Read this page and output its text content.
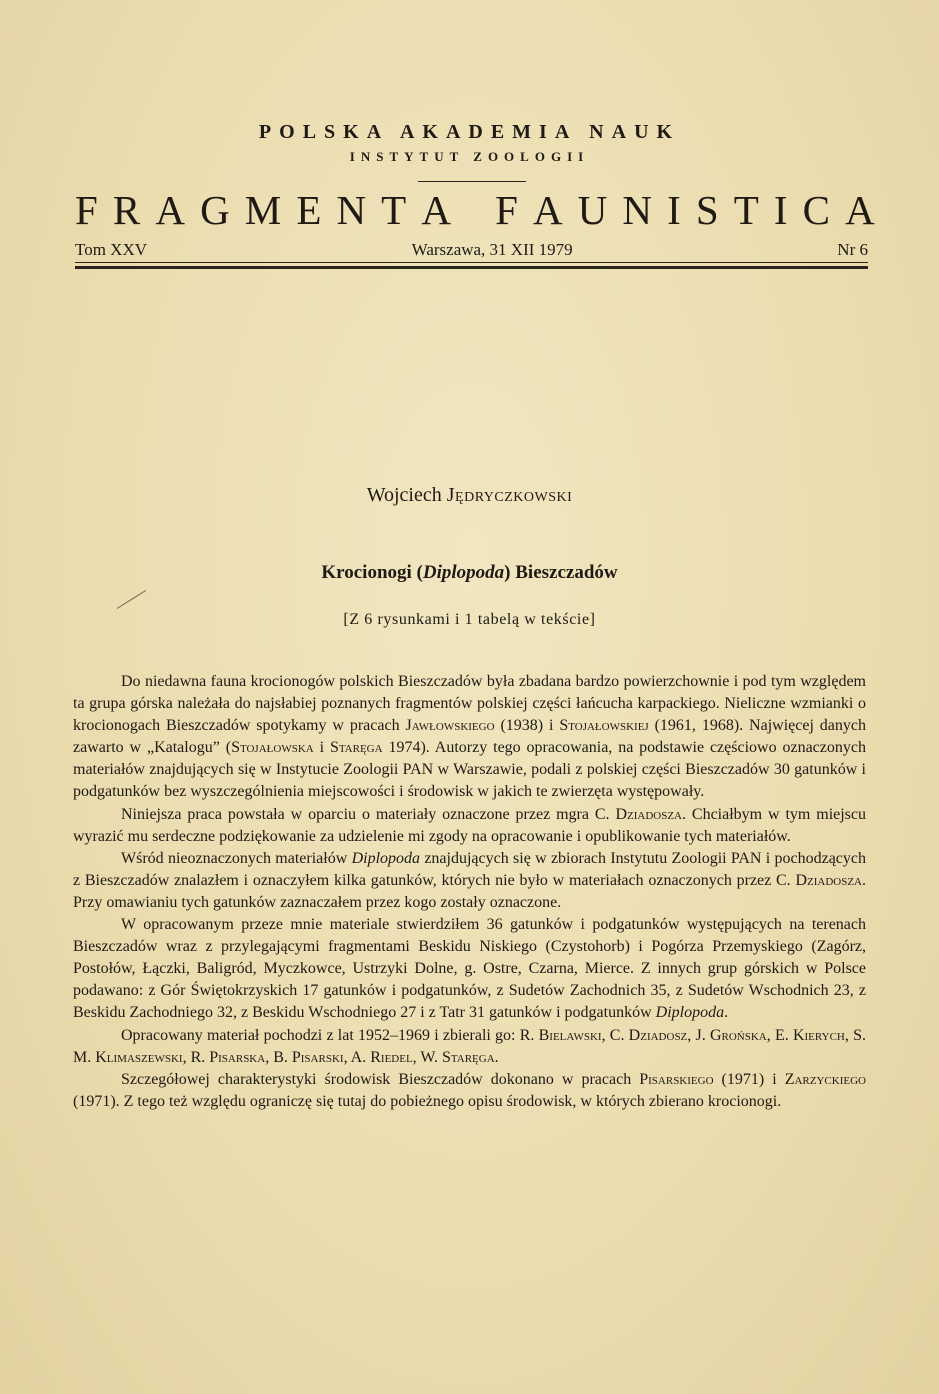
POLSKA AKADEMIA NAUK
INSTYTUT ZOOLOGII
F R A G M E N T A F A U N I S T I C A
Tom XXV	Warszawa, 31 XII 1979	Nr 6
Wojciech Jędryczkowski
Krocionogi (Diplopoda) Bieszczadów
[Z 6 rysunkami i 1 tabelą w tekście]

Do niedawna fauna krocionogów polskich Bieszczadów była zbadana bardzo powierzchownie i pod tym względem ta grupa górska należała do najsłabiej poznanych fragmentów polskiej części łańcucha karpackiego. Nieliczne wzmianki o krocionogach Bieszczadów spotykamy w pracach Jawłowskiego (1938) i Stojałowskiej (1961, 1968). Najwięcej danych zawarto w „Katalogu” (Stojałowska i Staręga 1974). Autorzy tego opracowania, na podstawie częściowo oznaczonych materiałów znajdujących się w Instytucie Zoologii PAN w Warszawie, podali z polskiej części Bieszczadów 30 gatunków i podgatunków bez wyszczególnienia miejscowości i środowisk w jakich te zwierzęta występowały.

Niniejsza praca powstała w oparciu o materiały oznaczone przez mgra C. Dziadosza. Chciałbym w tym miejscu wyrazić mu serdeczne podziękowanie za udzielenie mi zgody na opracowanie i opublikowanie tych materiałów.

Wśród nieoznaczonych materiałów Diplopoda znajdujących się w zbiorach Instytutu Zoologii PAN i pochodzących z Bieszczadów znalazłem i oznaczyłem kilka gatunków, których nie było w materiałach oznaczonych przez C. Dziadosza. Przy omawianiu tych gatunków zaznaczałem przez kogo zostały oznaczone.

W opracowanym przeze mnie materiale stwierdziłem 36 gatunków i podgatunków występujących na terenach Bieszczadów wraz z przylegającymi fragmentami Beskidu Niskiego (Czystohorb) i Pogórza Przemyskiego (Zagórz, Postołów, Łączki, Baligród, Myczkowce, Ustrzyki Dolne, g. Ostre, Czarna, Mierce. Z innych grup górskich w Polsce podawano: z Gór Świętokrzyskich 17 gatunków i podgatunków, z Sudetów Zachodnich 35, z Sudetów Wschodnich 23, z Beskidu Zachodniego 32, z Beskidu Wschodniego 27 i z Tatr 31 gatunków i podgatunków Diplopoda.

Opracowany materiał pochodzi z lat 1952–1969 i zbierali go: R. Bielawski, C. Dziadosz, J. Grońska, E. Kierych, S. M. Klimaszewski, R. Pisarska, B. Pisarski, A. Riedel, W. Staręga.

Szczegółowej charakterystyki środowisk Bieszczadów dokonano w pracach Pisarskiego (1971) i Zarzyckiego (1971). Z tego też względu ograniczę się tutaj do pobieżnego opisu środowisk, w których zbierano krocionogi.
